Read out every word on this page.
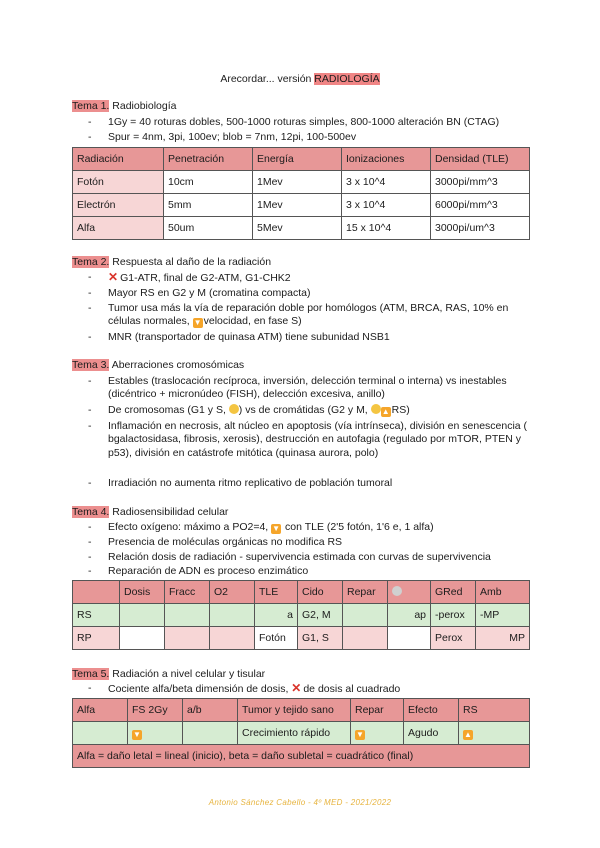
Arecordar... versión RADIOLOGÍA
Tema 1. Radiobiología
- 1Gy = 40 roturas dobles, 500-1000 roturas simples, 800-1000 alteración BN (CTAG)
- Spur = 4nm, 3pi, 100ev; blob = 7nm, 12pi, 100-500ev
Radiación	Penetración	Energía	Ionizaciones	Densidad (TLE)
Fotón	10cm	1Mev	3 x 10^4	3000pi/mm^3
Electrón	5mm	1Mev	3 x 10^4	6000pi/mm^3
Alfa	50um	5Mev	15 x 10^4	3000pi/um^3
Tema 2. Respuesta al daño de la radiación
- ✕ G1-ATR, final de G2-ATM, G1-CHK2
- Mayor RS en G2 y M (cromatina compacta)
- Tumor usa más la vía de reparación doble por homólogos (ATM, BRCA, RAS, 10% en células normales, ▼ velocidad, en fase S)
- MNR (transportador de quinasa ATM) tiene subunidad NSB1
Tema 3. Aberraciones cromosómicas
- Estables (traslocación recíproca, inversión, delección terminal o interna) vs inestables (dicéntrico + micronúdeo (FISH), delección excesiva, anillo)
- De cromosomas (G1 y S, ) vs de cromátidas (G2 y M, ▲ RS)
- Inflamación en necrosis, alt núcleo en apoptosis (vía intrínseca), división en senescencia ( bgalactosidasa, fibrosis, xerosis), destrucción en autofagia (regulado por mTOR, PTEN y p53), división en catástrofe mitótica (quinasa aurora, polo)
- Irradiación no aumenta ritmo replicativo de población tumoral
Tema 4. Radiosensibilidad celular
- Efecto oxígeno: máximo a PO2=4, ▼ con TLE (2'5 fotón, 1'6 e, 1 alfa)
- Presencia de moléculas orgánicas no modifica RS
- Relación dosis de radiación - supervivencia estimada con curvas de supervivencia
- Reparación de ADN es proceso enzimático
	Dosis	Fracc	O2	TLE	Cido	Repar		GRed	Amb
RS				a	G2, M		ap	-perox	-MP
RP				Fotón	G1, S			Perox	MP
Tema 5. Radiación a nivel celular y tisular
- Cociente alfa/beta dimensión de dosis, ✕ de dosis al cuadrado
Alfa	FS 2Gy	a/b	Tumor y tejido sano	Repar	Efecto	RS
	▼		Crecimiento rápido	▼	Agudo	▲
Alfa = daño letal = lineal (inicio), beta = daño subletal = cuadrático (final)						
Antonio Sánchez Cabello - 4º MED - 2021/2022
